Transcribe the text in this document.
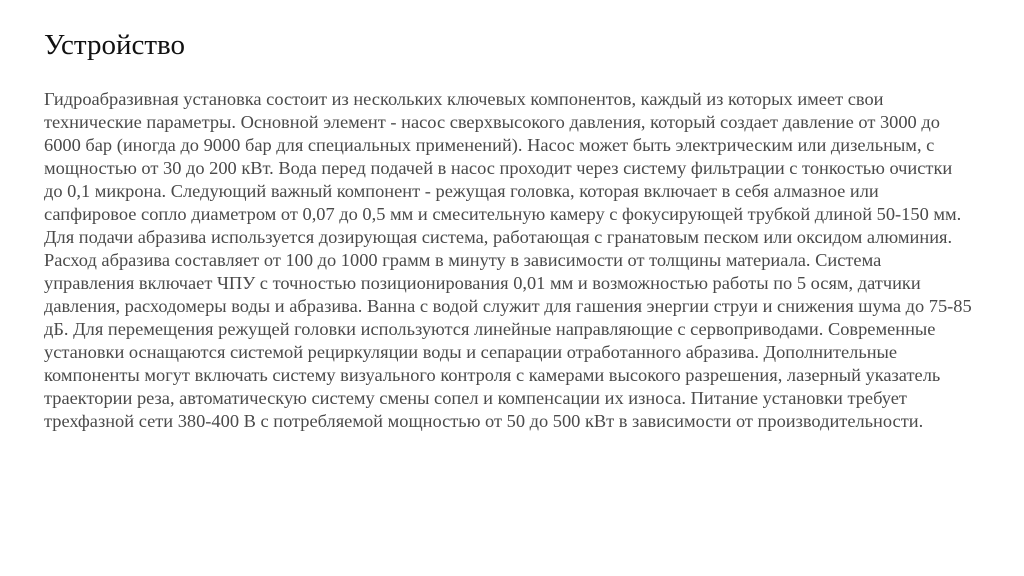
Устройство

Гидроабразивная установка состоит из нескольких ключевых компонентов, каждый из которых имеет свои технические параметры. Основной элемент - насос сверхвысокого давления, который создает давление от 3000 до 6000 бар (иногда до 9000 бар для специальных применений). Насос может быть электрическим или дизельным, с мощностью от 30 до 200 кВт. Вода перед подачей в насос проходит через систему фильтрации с тонкостью очистки до 0,1 микрона. Следующий важный компонент - режущая головка, которая включает в себя алмазное или сапфировое сопло диаметром от 0,07 до 0,5 мм и смесительную камеру с фокусирующей трубкой длиной 50-150 мм. Для подачи абразива используется дозирующая система, работающая с гранатовым песком или оксидом алюминия. Расход абразива составляет от 100 до 1000 грамм в минуту в зависимости от толщины материала. Система управления включает ЧПУ с точностью позиционирования 0,01 мм и возможностью работы по 5 осям, датчики давления, расходомеры воды и абразива. Ванна с водой служит для гашения энергии струи и снижения шума до 75-85 дБ. Для перемещения режущей головки используются линейные направляющие с сервоприводами. Современные установки оснащаются системой рециркуляции воды и сепарации отработанного абразива. Дополнительные компоненты могут включать систему визуального контроля с камерами высокого разрешения, лазерный указатель траектории реза, автоматическую систему смены сопел и компенсации их износа. Питание установки требует трехфазной сети 380-400 В с потребляемой мощностью от 50 до 500 кВт в зависимости от производительности.
